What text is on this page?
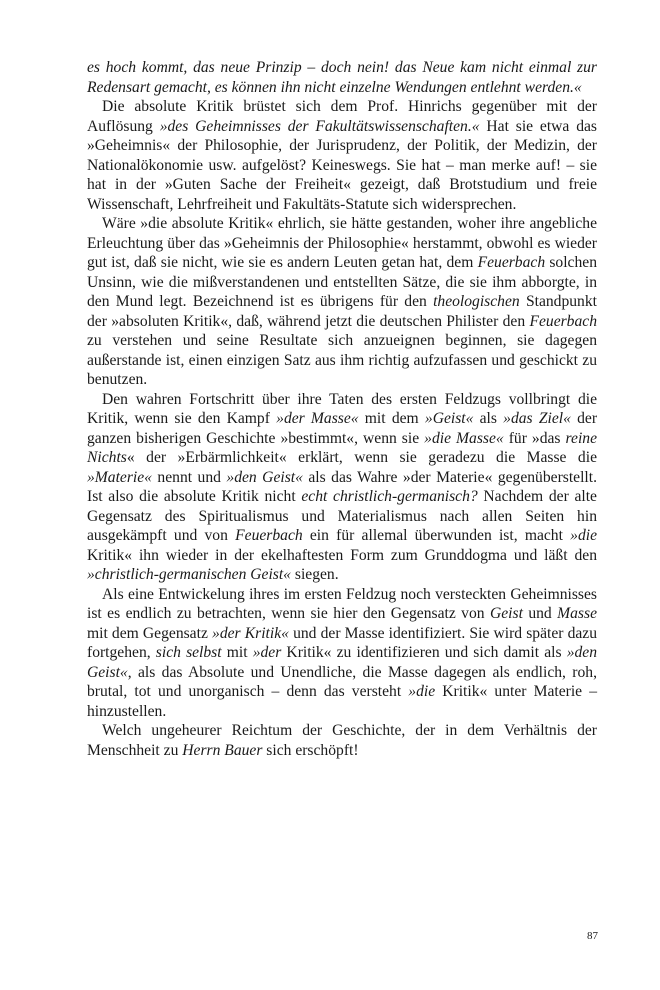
es hoch kommt, das neue Prinzip – doch nein! das Neue kam nicht einmal zur Redensart gemacht, es können ihn nicht einzelne Wendungen entlehnt werden.«

Die absolute Kritik brüstet sich dem Prof. Hinrichs gegenüber mit der Auflösung »des Geheimnisses der Fakultätswissenschaften.« Hat sie etwa das »Geheimnis« der Philosophie, der Jurisprudenz, der Politik, der Medizin, der Nationalökonomie usw. aufgelöst? Keineswegs. Sie hat – man merke auf! – sie hat in der »Guten Sache der Freiheit« gezeigt, daß Brotstudium und freie Wissenschaft, Lehrfreiheit und Fakultäts-Statute sich widersprechen.

Wäre »die absolute Kritik« ehrlich, sie hätte gestanden, woher ihre angebliche Erleuchtung über das »Geheimnis der Philosophie« herstammt, obwohl es wieder gut ist, daß sie nicht, wie sie es andern Leuten getan hat, dem Feuerbach solchen Unsinn, wie die mißverstandenen und entstellten Sätze, die sie ihm abborgte, in den Mund legt. Bezeichnend ist es übrigens für den theologischen Standpunkt der »absoluten Kritik«, daß, während jetzt die deutschen Philister den Feuerbach zu verstehen und seine Resultate sich anzueignen beginnen, sie dagegen außerstande ist, einen einzigen Satz aus ihm richtig aufzufassen und geschickt zu benutzen.

Den wahren Fortschritt über ihre Taten des ersten Feldzugs vollbringt die Kritik, wenn sie den Kampf »der Masse« mit dem »Geist« als »das Ziel« der ganzen bisherigen Geschichte »bestimmt«, wenn sie »die Masse« für »das reine Nichts« der »Erbärmlichkeit« erklärt, wenn sie geradezu die Masse die »Materie« nennt und »den Geist« als das Wahre »der Materie« gegenüberstellt. Ist also die absolute Kritik nicht echt christlich-germanisch? Nachdem der alte Gegensatz des Spiritualismus und Materialismus nach allen Seiten hin ausgekämpft und von Feuerbach ein für allemal überwunden ist, macht »die Kritik« ihn wieder in der ekelhaftesten Form zum Grunddogma und läßt den »christlich-germanischen Geist« siegen.

Als eine Entwickelung ihres im ersten Feldzug noch versteckten Geheimnisses ist es endlich zu betrachten, wenn sie hier den Gegensatz von Geist und Masse mit dem Gegensatz »der Kritik« und der Masse identifiziert. Sie wird später dazu fortgehen, sich selbst mit »der Kritik« zu identifizieren und sich damit als »den Geist«, als das Absolute und Unendliche, die Masse dagegen als endlich, roh, brutal, tot und unorganisch – denn das versteht »die Kritik« unter Materie – hinzustellen.

Welch ungeheurer Reichtum der Geschichte, der in dem Verhältnis der Menschheit zu Herrn Bauer sich erschöpft!

87
